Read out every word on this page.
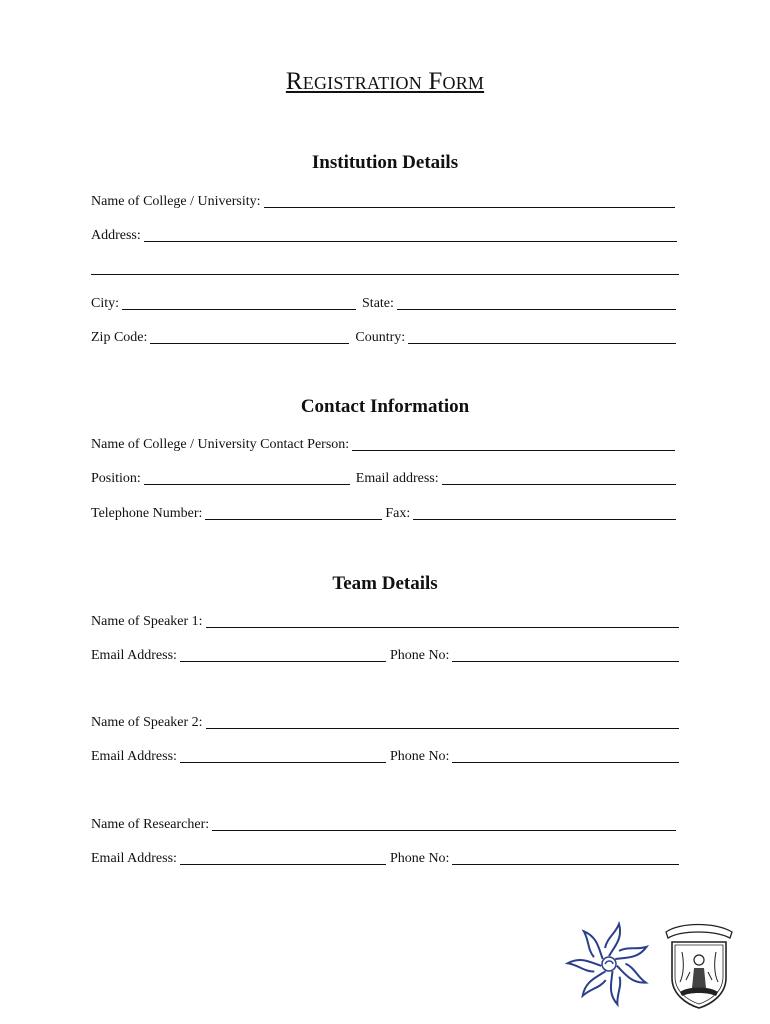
Registration Form
Institution Details
Name of College / University:
Address:
City:	State:
Zip Code:	Country:
Contact Information
Name of College / University Contact Person:
Position:	Email address:
Telephone Number:	Fax:
Team Details
Name of Speaker 1:
Email Address:	Phone No:
Name of Speaker 2:
Email Address:	Phone No:
Name of Researcher:
Email Address:	Phone No:
· · · ·
